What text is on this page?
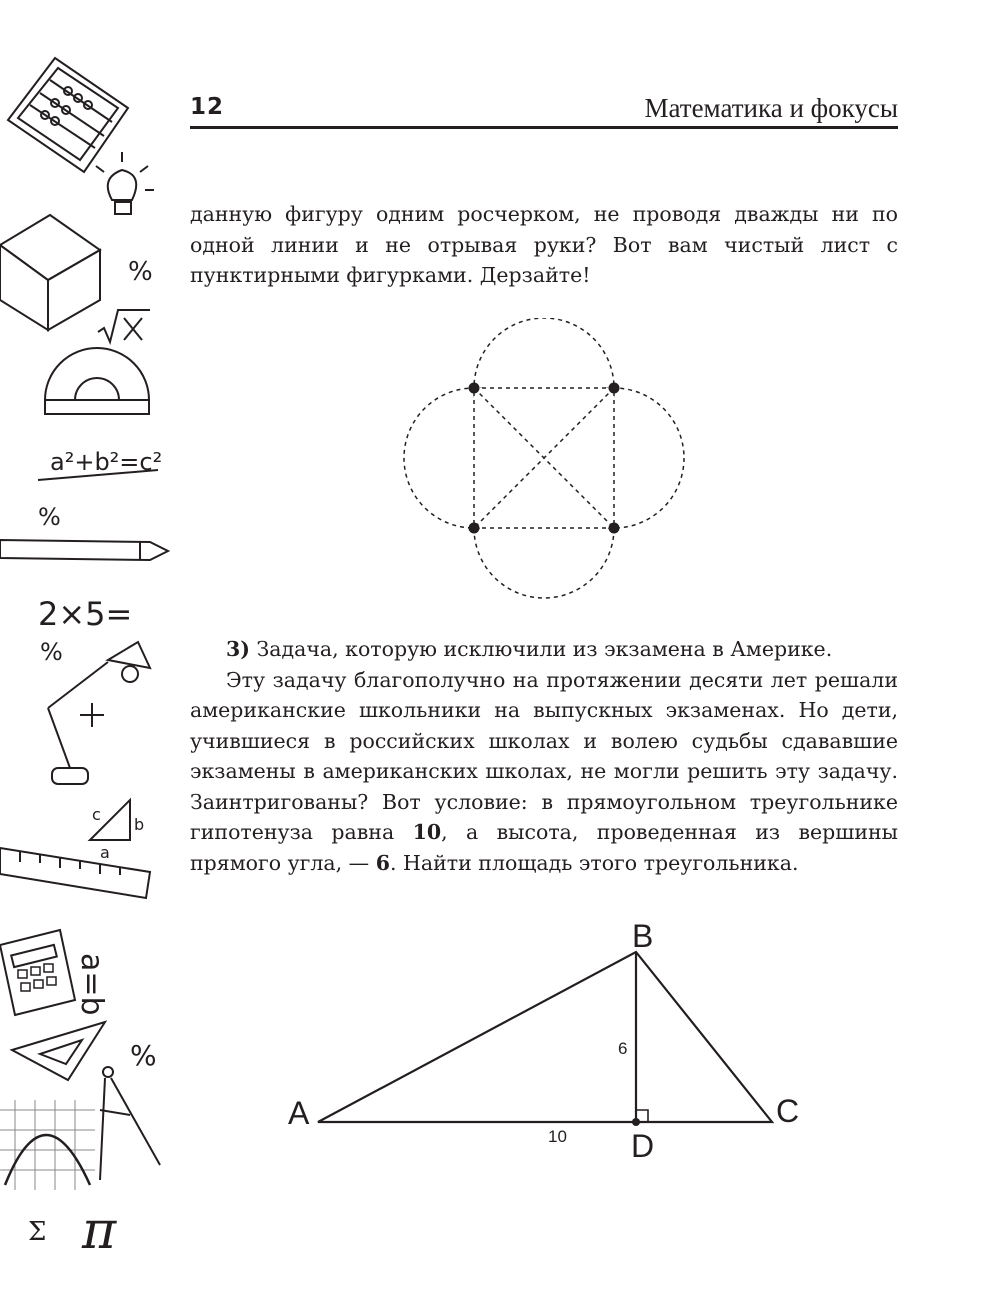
%
a²+b²=c²
%
2×5=
%
c
b
a
a=b
%
Σ π
12	Математика и фокусы

данную фигуру одним росчерком, не проводя дважды ни по одной линии и не отрывая руки? Вот вам чистый лист с пунктирными фигурками. Дерзайте!

3) Задача, которую исключили из экзамена в Америке.

Эту задачу благополучно на протяжении десяти лет решали американские школьники на выпускных экзаменах. Но дети, учившиеся в российских школах и волею судьбы сдававшие экзамены в американских школах, не могли решить эту задачу. Заинтригованы? Вот условие: в прямоугольном треугольнике гипотенуза равна 10, а высота, проведенная из вершины прямого угла, — 6. Найти площадь этого треугольника.

A
B
C
D
6
10
